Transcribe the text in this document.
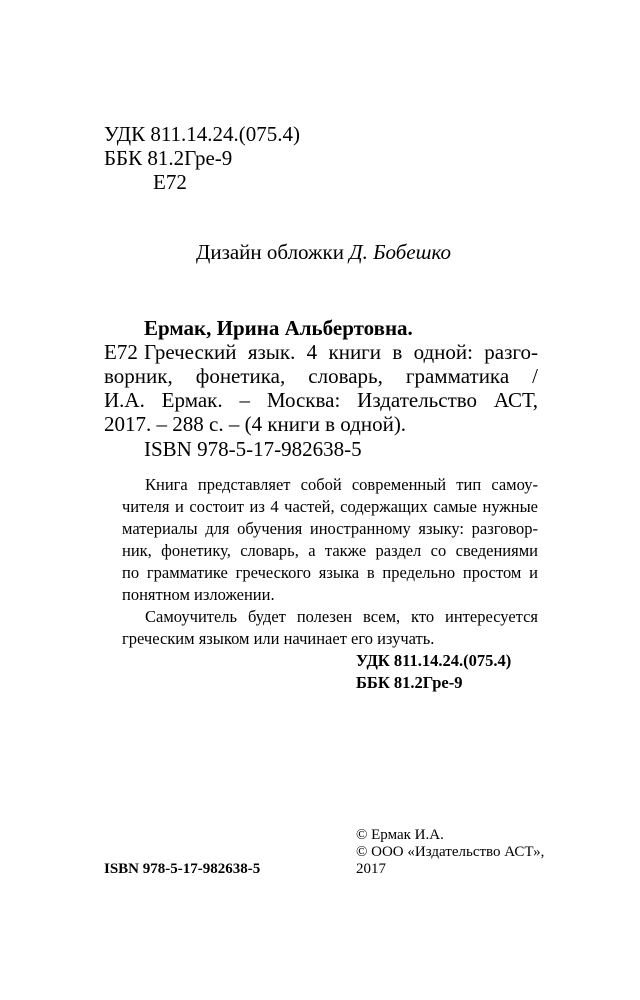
УДК 811.14.24.(075.4)

ББК 81.2Гре-9

Е72

Дизайн обложки Д. Бобешко

Ермак, Ирина Альбертовна.

Е72 Греческий язык. 4 книги в одной: разго-

ворник, фонетика, словарь, грамматика /

И.А. Ермак. – Москва: Издательство АСТ,

2017. – 288 с. – (4 книги в одной).

ISBN 978-5-17-982638-5

Книга представляет собой современный тип самоу-

чителя и состоит из 4 частей, содержащих самые нужные

материалы для обучения иностранному языку: разговор-

ник, фонетику, словарь, а также раздел со сведениями

по грамматике греческого языка в предельно простом и

понятном изложении.

Самоучитель будет полезен всем, кто интересуется

греческим языком или начинает его изучать.

УДК 811.14.24.(075.4)

ББК 81.2Гре-9

© Ермак И.А.

© ООО «Издательство АСТ»,

2017

ISBN 978-5-17-982638-5
